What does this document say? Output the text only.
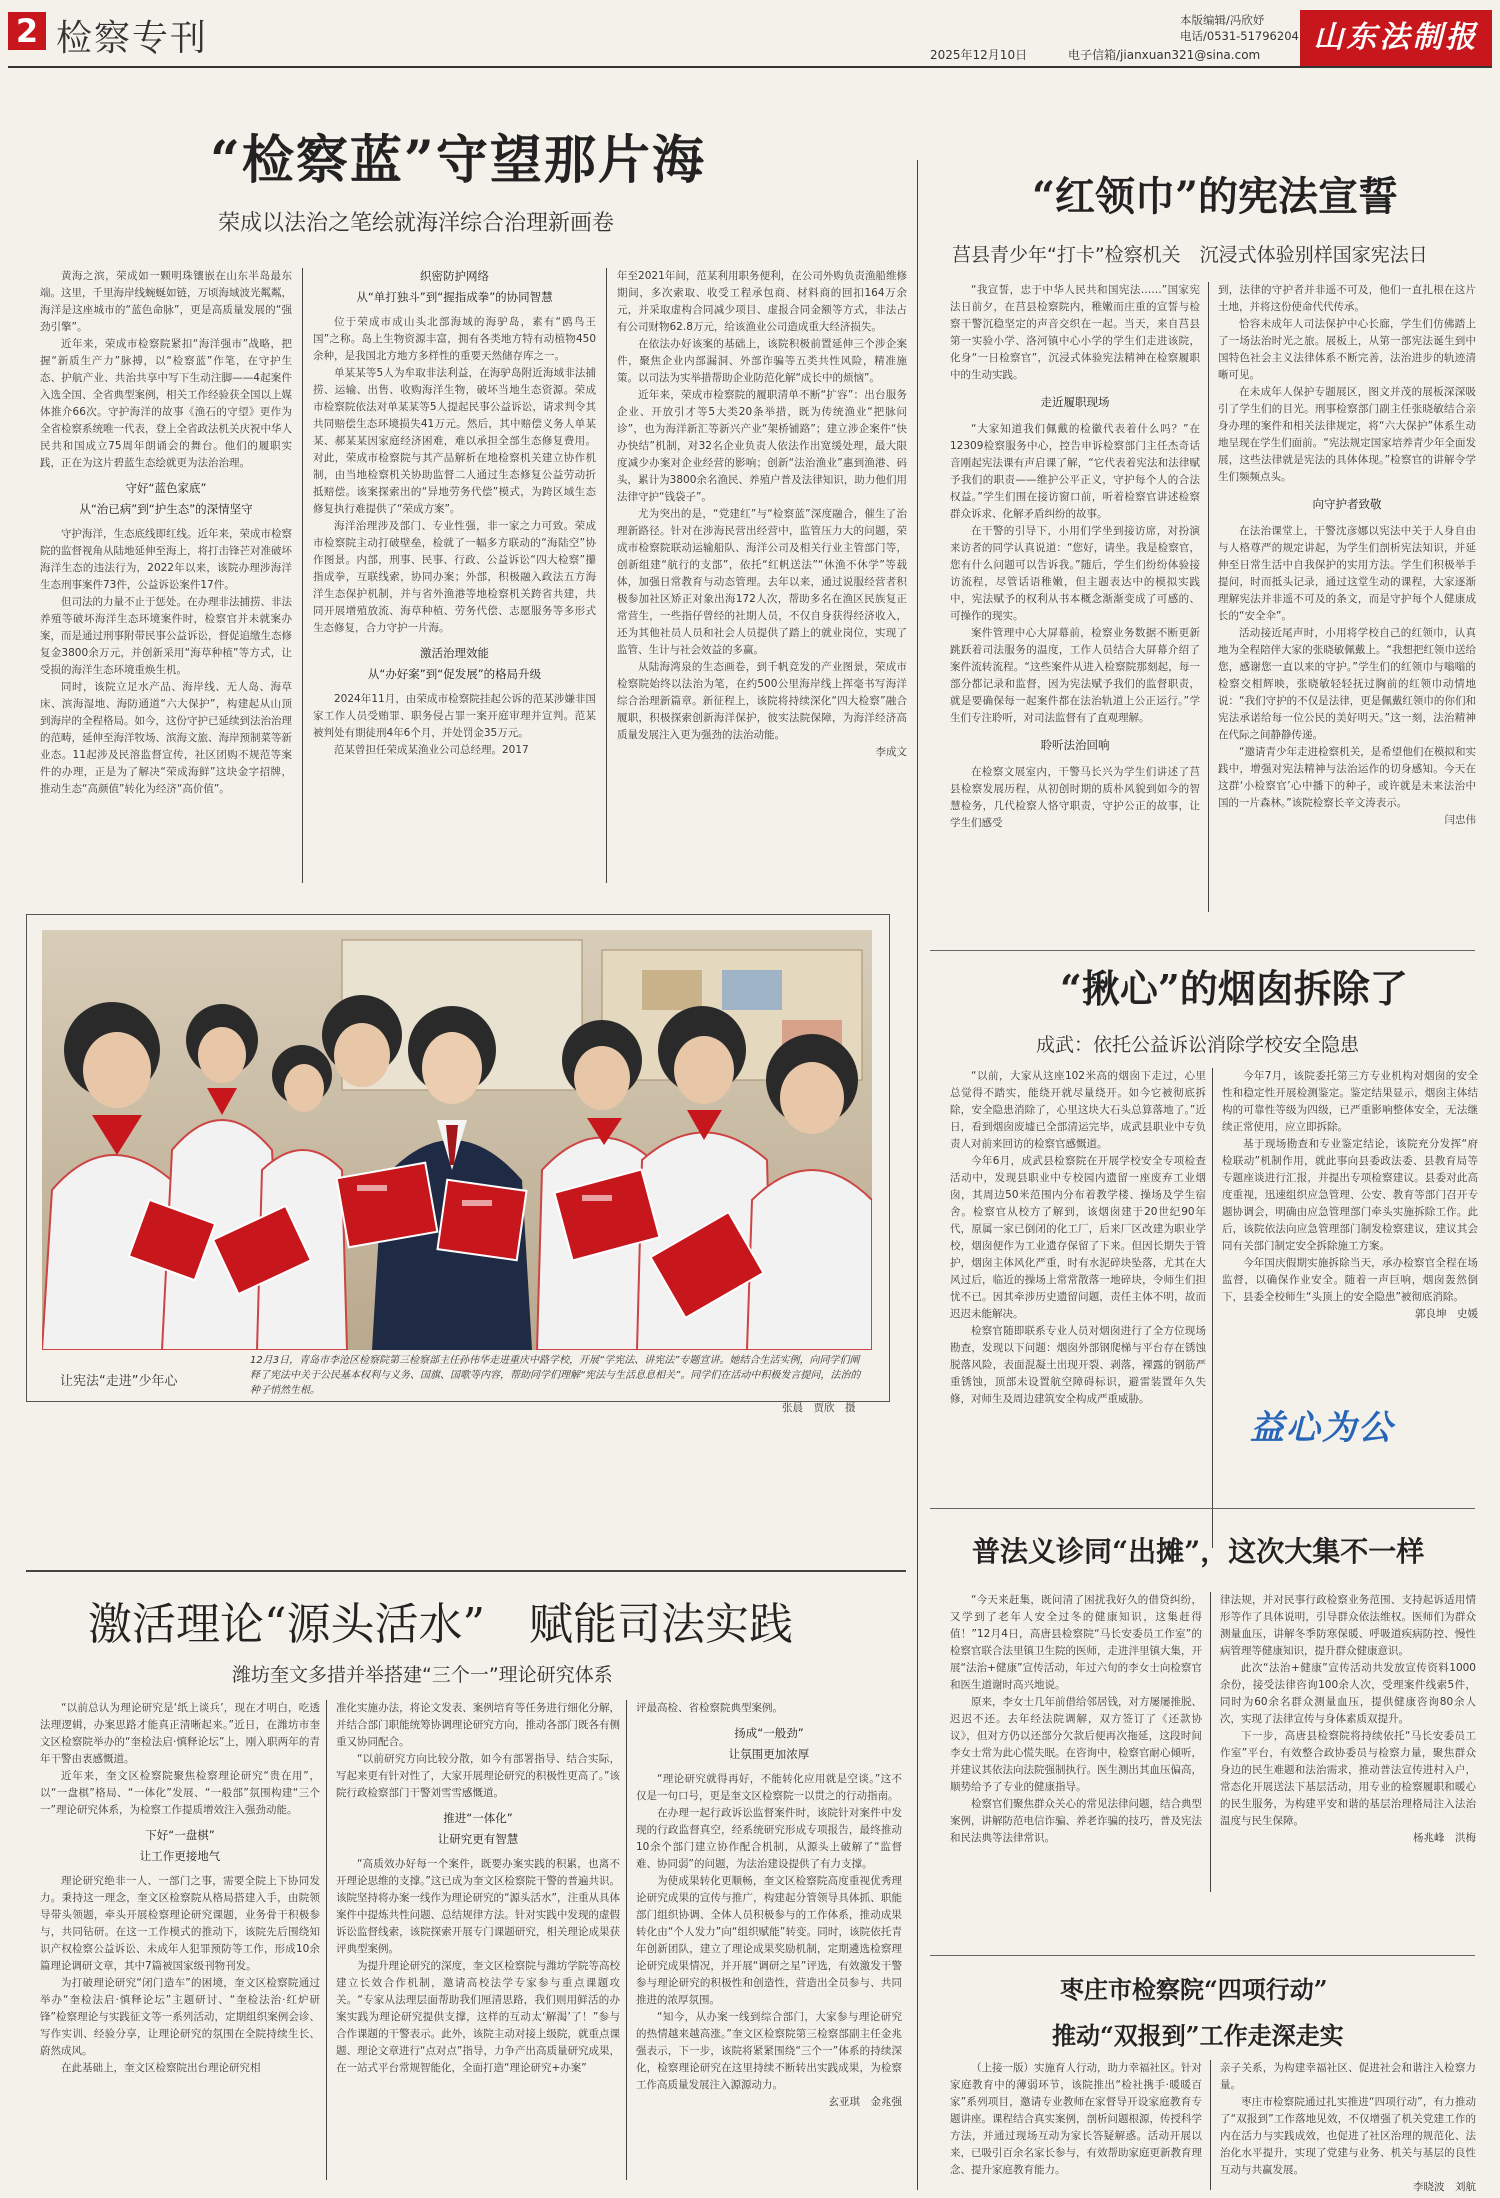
2 检察专刊	本版编辑/冯欣妤
电话/0531-51796204
2025年12月10日	电子信箱/jianxuan321@sina.com	山东法制报
“检察蓝”守望那片海
荣成以法治之笔绘就海洋综合治理新画卷

黄海之滨，荣成如一颗明珠镶嵌在山东半岛最东端。这里，千里海岸线蜿蜒如链，万顷海域波光粼粼，海洋是这座城市的“蓝色命脉”，更是高质量发展的“强劲引擎”。

近年来，荣成市检察院紧扣“海洋强市”战略，把握“新质生产力”脉搏，以“检察蓝”作笔，在守护生态、护航产业、共治共享中写下生动注脚——4起案件入选全国、全省典型案例，相关工作经验获全国以上媒体推介66次。守护海洋的故事《渔石的守望》更作为全省检察系统唯一代表，登上全省政法机关庆祝中华人民共和国成立75周年朗诵会的舞台。他们的履职实践，正在为这片碧蓝生态绘就更为法治治理。

守好“蓝色家底”
从“治已病”到“护生态”的深情坚守

守护海洋，生态底线即红线。近年来，荣成市检察院的监督视角从陆地延伸至海上，将打击锋芒对准破坏海洋生态的违法行为，2022年以来，该院办理涉海洋生态刑事案件73件，公益诉讼案件17件。

但司法的力量不止于惩处。在办理非法捕捞、非法养殖等破坏海洋生态环境案件时，检察官并未就案办案，而是通过刑事附带民事公益诉讼，督促追缴生态修复金3800余万元，并创新采用“海草种植”等方式，让受损的海洋生态环境重焕生机。

同时，该院立足水产品、海岸线、无人岛、海草床、滨海湿地、海防通道“六大保护”，构建起从山顶到海岸的全程格局。如今，这份守护已延续到法治治理的范畴，延伸至海洋牧场、滨海文旅、海岸预制菜等新业态。11起涉及民溶监督宣传，社区团购不规范等案件的办理，正是为了解决“荣成海鲜”这块金字招牌，推动生态“高颜值”转化为经济“高价值”。

织密防护网络
从“单打独斗”到“握指成拳”的协同智慧

位于荣成市成山头北部海域的海驴岛，素有“鸥鸟王国”之称。岛上生物资源丰富，拥有各类地方特有动植物450余种，是我国北方地方多样性的重要天然储存库之一。

单某某等5人为牟取非法利益，在海驴岛附近海域非法捕捞、运输、出售、收购海洋生物，破坏当地生态资源。荣成市检察院依法对单某某等5人提起民事公益诉讼，请求判令其共同赔偿生态环境损失41万元。然后，其中赔偿义务人单某某、郝某某因家庭经济困难，难以承担全部生态修复费用。对此，荣成市检察院与其产品解析在地检察机关建立协作机制，由当地检察机关协助监督二人通过生态修复公益劳动折抵赔偿。该案探索出的“异地劳务代偿”模式，为跨区域生态修复执行难提供了“荣成方案”。

海洋治理涉及部门、专业性强，非一家之力可致。荣成市检察院主动打破壁垒，检就了一幅多方联动的“海陆空”协作图景。内部，刑事、民事、行政、公益诉讼“四大检察”攥指成拳，互联线索，协同办案；外部，积极融入政法五方海洋生态保护机制，并与省外渔港等地检察机关跨省共建，共同开展增殖放流、海草种植、劳务代偿、志愿服务等多形式生态修复，合力守护一片海。

激活治理效能
从“办好案”到“促发展”的格局升级

2024年11月，由荣成市检察院挂起公诉的范某涉嫌非国家工作人员受贿罪、职务侵占罪一案开庭审理并宣判。范某被判处有期徒刑4年6个月，并处罚金35万元。

范某曾担任荣成某渔业公司总经理。2017

年至2021年间，范某利用职务便利，在公司外购负责渔船维修期间，多次索取、收受工程承包商、材料商的回扣164万余元，并采取虚构合同减少项目、虚报合同金额等方式，非法占有公司财物62.8万元，给该渔业公司造成重大经济损失。

在依法办好该案的基础上，该院积极前置延伸三个涉企案件，聚焦企业内部漏洞、外部诈骗等五类共性风险，精准施策。以司法为实举措帮助企业防范化解“成长中的烦恼”。

近年来，荣成市检察院的履职清单不断“扩容”：出台服务企业、开放引才等5大类20条举措，既为传统渔业“把脉问诊”，也为海洋新汇等新兴产业“架桥铺路”；建立涉企案件“快办快结”机制，对32名企业负责人依法作出宽缓处理，最大限度减少办案对企业经营的影响；创新“法治渔业”惠到渔港、码头，累计为3800余名渔民、养殖户普及法律知识，助力他们用法律守护“钱袋子”。

尤为突出的是，“党建红”与“检察蓝”深度融合，催生了治理新路径。针对在涉海民营出经营中，监管压力大的问题，荣成市检察院联动运输船队、海洋公司及相关行业主管部门等，创新组建“航行的支部”，依托“红帆送法”“休渔不休学”等载体，加强日常教育与动态管理。去年以来，通过说服经营者积极参加社区矫正对象出海172人次，帮助多名在渔区民族复正常营生，一些指仔曾经的社期人员，不仅自身获得经济收入，还为其他社员人员和社会人员提供了踏上的就业岗位，实现了监管、生计与社会效益的多赢。

从陆海湾泉的生态画卷，到千帆竞发的产业图景，荣成市检察院始终以法治为笔，在约500公里海岸线上挥毫书写海洋综合治理新篇章。新征程上，该院将持续深化“四大检察”融合履职，积极探索创新海洋保护，彼实法院保障，为海洋经济高质量发展注入更为强劲的法治动能。

李成文
“红领巾”的宪法宣誓
莒县青少年“打卡”检察机关　沉浸式体验别样国家宪法日

“我宣誓，忠于中华人民共和国宪法……”国家宪法日前夕，在莒县检察院内，稚嫩而庄重的宣誓与检察干警沉稳坚定的声音交织在一起。当天，来自莒县第一实验小学、洛河镇中心小学的学生们走进该院，化身“一日检察官”，沉浸式体验宪法精神在检察履职中的生动实践。

走近履职现场

“大家知道我们佩戴的检徽代表着什么吗？”在12309检察服务中心，控告申诉检察部门主任杰奇话音刚起宪法课有声启课了解，“它代表着宪法和法律赋予我们的职责——维护公平正义，守护每个人的合法权益。”学生们围在接访窗口前，听着检察官讲述检察群众诉求、化解矛盾纠纷的故事。

在干警的引导下，小用们学坐到接访席，对扮演来访者的同学认真说道：“您好，请坐。我是检察官，您有什么问题可以告诉我。”随后，学生们纷纷体验接访流程，尽管话语稚嫩，但主题表达中的模拟实践中，宪法赋予的权利从书本概念渐渐变成了可感的、可操作的现实。

案件管理中心大屏幕前，检察业务数据不断更新跳跃着司法服务的温度，工作人员结合大屏幕介绍了案件流转流程。“这些案件从进入检察院那刻起，每一部分都记录和监督，因为宪法赋予我们的监督职责，就是要确保每一起案件都在法治轨道上公正运行。”学生们专注聆听，对司法监督有了直观理解。

聆听法治回响

在检察文展室内，干警马长兴为学生们讲述了莒县检察发展历程，从初创时期的质朴风貌到如今的智慧检务，几代检察人恪守职责，守护公正的故事，让学生们感受

到，法律的守护者并非遥不可及，他们一直扎根在这片土地，并将这份使命代代传承。

恰容未成年人司法保护中心长廊，学生们仿佛踏上了一场法治时光之旅。展板上，从第一部宪法诞生到中国特色社会主义法律体系不断完善，法治进步的轨迹清晰可见。

在未成年人保护专题展区，图文并茂的展板深深吸引了学生们的目光。刑事检察部门副主任张晓敏结合亲身办理的案件和相关法律规定，将“六大保护”体系生动地呈现在学生们面前。“宪法规定国家培养青少年全面发展，这些法律就是宪法的具体体现。”检察官的讲解令学生们频频点头。

向守护者致敬

在法治课堂上，干警沈彦娜以宪法中关于人身自由与人格尊严的规定讲起，为学生们剖析宪法知识，并延伸至日常生活中自我保护的实用方法。学生们积极举手提问，时而抵头记录，通过这堂生动的课程，大家逐渐理解宪法并非遥不可及的条文，而是守护每个人健康成长的“安全伞”。

活动接近尾声时，小用将学校自己的红领巾，认真地为全程陪伴大家的张晓敏佩戴上。“我想把红领巾送给您，感谢您一直以来的守护。”学生们的红领巾与嗡嗡的检察交相辉映，张晓敏轻轻抚过胸前的红领巾动情地说：“我们守护的不仅是法律，更是佩戴红领巾的你们和宪法承诺给每一位公民的美好明天。”这一刻，法治精神在代际之间静静传递。

“邀请青少年走进检察机关，是希望他们在模拟和实践中，增强对宪法精神与法治运作的切身感知。今天在这群‘小检察官’心中播下的种子，或许就是未来法治中国的一片森林。”该院检察长辛文涛表示。

闫忠伟
让宪法“走进”少年心
12月3日，青岛市李沧区检察院第三检察部主任孙伟华走进重庆中路学校，开展“学宪法、讲宪法”专题宣讲。她结合生活实例，向同学们阐释了宪法中关于公民基本权利与义务、国旗、国歌等内容，帮助同学们理解“宪法与生活息息相关”。同学们在活动中积极发言提问，法治的种子悄然生根。
张晨　贾欣　摄
“揪心”的烟囱拆除了
成武：依托公益诉讼消除学校安全隐患

“以前，大家从这座102米高的烟囱下走过，心里总觉得不踏实，能绕开就尽量绕开。如今它被彻底拆除，安全隐患消除了，心里这块大石头总算落地了。”近日，看到烟囱废墟已全部清运完毕，成武县职业中专负责人对前来回访的检察官感慨道。

今年6月，成武县检察院在开展学校安全专项检查活动中，发现县职业中专校园内遗留一座废弃工业烟囱，其周边50米范围内分布着教学楼、操场及学生宿舍。检察官从校方了解到，该烟囱建于20世纪90年代，原属一家已倒闭的化工厂，后来厂区改建为职业学校，烟囱便作为工业遗存保留了下来。但因长期失于管护，烟囱主体风化严重，时有水泥碎块坠落，尤其在大风过后，临近的操场上常常散落一地碎块，令师生们担忧不已。因其牵涉历史遗留问题，责任主体不明，故而迟迟未能解决。

检察官随即联系专业人员对烟囱进行了全方位现场勘查，发现以下问题：烟囱外部钢爬梯与平台存在锈蚀脱落风险，表面混凝土出现开裂、剥落，裸露的钢筋严重锈蚀，顶部未设置航空障碍标识，避雷装置年久失修，对师生及周边建筑安全构成严重威胁。

今年7月，该院委托第三方专业机构对烟囱的安全性和稳定性开展检测鉴定。鉴定结果显示，烟囱主体结构的可靠性等级为四级，已严重影响整体安全，无法继续正常使用，应立即拆除。

基于现场勘查和专业鉴定结论，该院充分发挥“府检联动”机制作用，就此事向县委政法委、县教育局等专题座谈进行汇报，并提出专项检察建议。县委对此高度重视，迅速组织应急管理、公安、教育等部门召开专题协调会，明确由应急管理部门牵头实施拆除工作。此后，该院依法向应急管理部门制发检察建议，建议其会同有关部门制定安全拆除施工方案。

今年国庆假期实施拆除当天，承办检察官全程在场监督，以确保作业安全。随着一声巨响，烟囱轰然倒下，县委全校师生“头顶上的安全隐患”被彻底消除。

郭良坤　史媛
益心为公
普法义诊同“出摊”，这次大集不一样

“今天来赶集，既问清了困扰我好久的借贷纠纷，又学到了老年人安全过冬的健康知识，这集赶得值！”12月4日，高唐县检察院“马长安委员工作室”的检察官联合法里镇卫生院的医师，走进泮里镇大集，开展“法治+健康”宣传活动，年过六旬的李女士向检察官和医生道谢时高兴地说。

原来，李女士几年前借给邻居钱，对方屡屡推脱、迟迟不还。去年经法院调解，双方签订了《还款协议》，但对方仍以还部分欠款后便再次拖延，这段时间李女士常为此心慌失眠。在咨询中，检察官耐心倾听，并建议其依法向法院强制执行。医生测出其血压偏高，顺势给予了专业的健康指导。

检察官们聚焦群众关心的常见法律问题，结合典型案例，讲解防范电信诈骗、养老诈骗的技巧，普及宪法和民法典等法律常识。

律法规，并对民事行政检察业务范围、支持起诉适用情形等作了具体说明，引导群众依法维权。医师们为群众测量血压，讲解冬季防寒保暖、呼吸道疾病防控、慢性病管理等健康知识，提升群众健康意识。

此次“法治+健康”宣传活动共发放宣传资料1000余份，接受法律咨询100余人次，受理案件线索5件，同时为60余名群众测量血压，提供健康咨询80余人次，实现了法律宣传与身体素质双提升。

下一步，高唐县检察院将持续依托“马长安委员工作室”平台，有效整合政协委员与检察力量，聚焦群众身边的民生难题和法治需求，推动普法宣传进村入户，常态化开展送法下基层活动，用专业的检察履职和暖心的民生服务，为构建平安和谐的基层治理格局注入法治温度与民生保障。

杨兆峰　洪梅
激活理论“源头活水”　赋能司法实践
潍坊奎文多措并举搭建“三个一”理论研究体系

“以前总认为理论研究是‘纸上谈兵’，现在才明白，吃透法理逻辑，办案思路才能真正清晰起来。”近日，在潍坊市奎文区检察院举办的“奎检法启·慎释论坛”上，刚入职两年的青年干警由衷感慨道。

近年来，奎文区检察院聚焦检察理论研究“贵在用”，以“一盘棋”格局、“一体化”发展、“一般部”氛围构建“三个一”理论研究体系，为检察工作提质增效注入强劲动能。

下好“一盘棋”
让工作更接地气

理论研究绝非一人、一部门之事，需要全院上下协同发力。秉持这一理念，奎文区检察院从格局搭建入手，由院领导带头领题，牵头开展检察理论研究课题，业务骨干积极参与，共同钻研。在这一工作模式的推动下，该院先后围绕知识产权检察公益诉讼、未成年人犯罪预防等工作，形成10余篇理论调研文章，其中7篇被国家级刊物刊发。

为打破理论研究“闭门造车”的困境，奎文区检察院通过举办“奎检法启·慎释论坛”主题研讨、“奎检法治·红炉研锋”检察理论与实践征文等一系列活动，定期组织案例会诊、写作实训、经验分享，让理论研究的氛围在全院持续生长、蔚然成风。

在此基础上，奎文区检察院出台理论研究相

准化实施办法，将论文发表、案例培育等任务进行细化分解，并结合部门职能统筹协调理论研究方向，推动各部门既各有侧重又协同配合。

“以前研究方向比较分散，如今有部署指导、结合实际，写起来更有针对性了，大家开展理论研究的积极性更高了。”该院行政检察部门干警刘雪雪感慨道。

推进“一体化”
让研究更有智慧

“高质效办好每一个案件，既要办案实践的积累，也离不开理论思维的支撑。”这已成为奎文区检察院干警的普遍共识。该院坚持将办案一线作为理论研究的“源头活水”，注重从具体案件中提炼共性问题、总结规律方法。针对实践中发现的虚假诉讼监督线索，该院探索开展专门课题研究，相关理论成果获评典型案例。

为提升理论研究的深度，奎文区检察院与潍坊学院等高校建立长效合作机制，邀请高校法学专家参与重点课题攻关。“专家从法理层面帮助我们厘清思路，我们则用鲜活的办案实践为理论研究提供支撑，这样的互动太‘解渴’了！”参与合作课题的干警表示。此外，该院主动对接上级院，就重点课题、理论文章进行“点对点”指导，力争产出高质量研究成果，在一站式平台常规智能化，全面打造“理论研究+办案”

评最高检、省检察院典型案例。

扬成“一般劲”
让氛围更加浓厚

“理论研究就得再好，不能转化应用就是空谈。”这不仅是一句口号，更是奎文区检察院一以贯之的行动指南。

在办理一起行政诉讼监督案件时，该院针对案件中发现的行政监督真空，经系统研究形成专项报告，最终推动10余个部门建立协作配合机制，从源头上破解了“监督难、协同弱”的问题，为法治建设提供了有力支撑。

为使成果转化更顺畅，奎文区检察院高度重视优秀理论研究成果的宣传与推广，构建起分管领导具体抓、职能部门组织协调、全体人员积极参与的工作体系，推动成果转化由“个人发力”向“组织赋能”转变。同时，该院依托青年创新团队，建立了理论成果奖励机制，定期遴选检察理论研究成果情况，并开展“调研之星”评选，有效激发干警参与理论研究的积极性和创造性，营造出全员参与、共同推进的浓厚氛围。

“知今，从办案一线到综合部门，大家参与理论研究的热情越来越高涨。”奎文区检察院第三检察部副主任金兆强表示，下一步，该院将紧紧围绕“三个一”体系的持续深化，检察理论研究在这里持续不断转出实践成果，为检察工作高质量发展注入源源动力。

玄亚琪　金兆强
枣庄市检察院“四项行动”
推动“双报到”工作走深走实

（上接一版）实施育人行动，助力幸福社区。针对家庭教育中的薄弱环节，该院推出“检社携手·暖暖百家”系列项目，邀请专业教师在家督导开设家庭教育专题讲座。课程结合真实案例，剖析问题根源，传授科学方法，并通过现场互动为家长答疑解惑。活动开展以来，已吸引百余名家长参与，有效帮助家庭更新教育理念、提升家庭教育能力。

亲子关系，为构建幸福社区、促进社会和谐注入检察力量。

枣庄市检察院通过扎实推进“四项行动”，有力推动了“双报到”工作落地见效，不仅增强了机关党建工作的内在活力与实践成效，也促进了社区治理的规范化、法治化水平提升，实现了党建与业务、机关与基层的良性互动与共赢发展。

李晓波　刘航
